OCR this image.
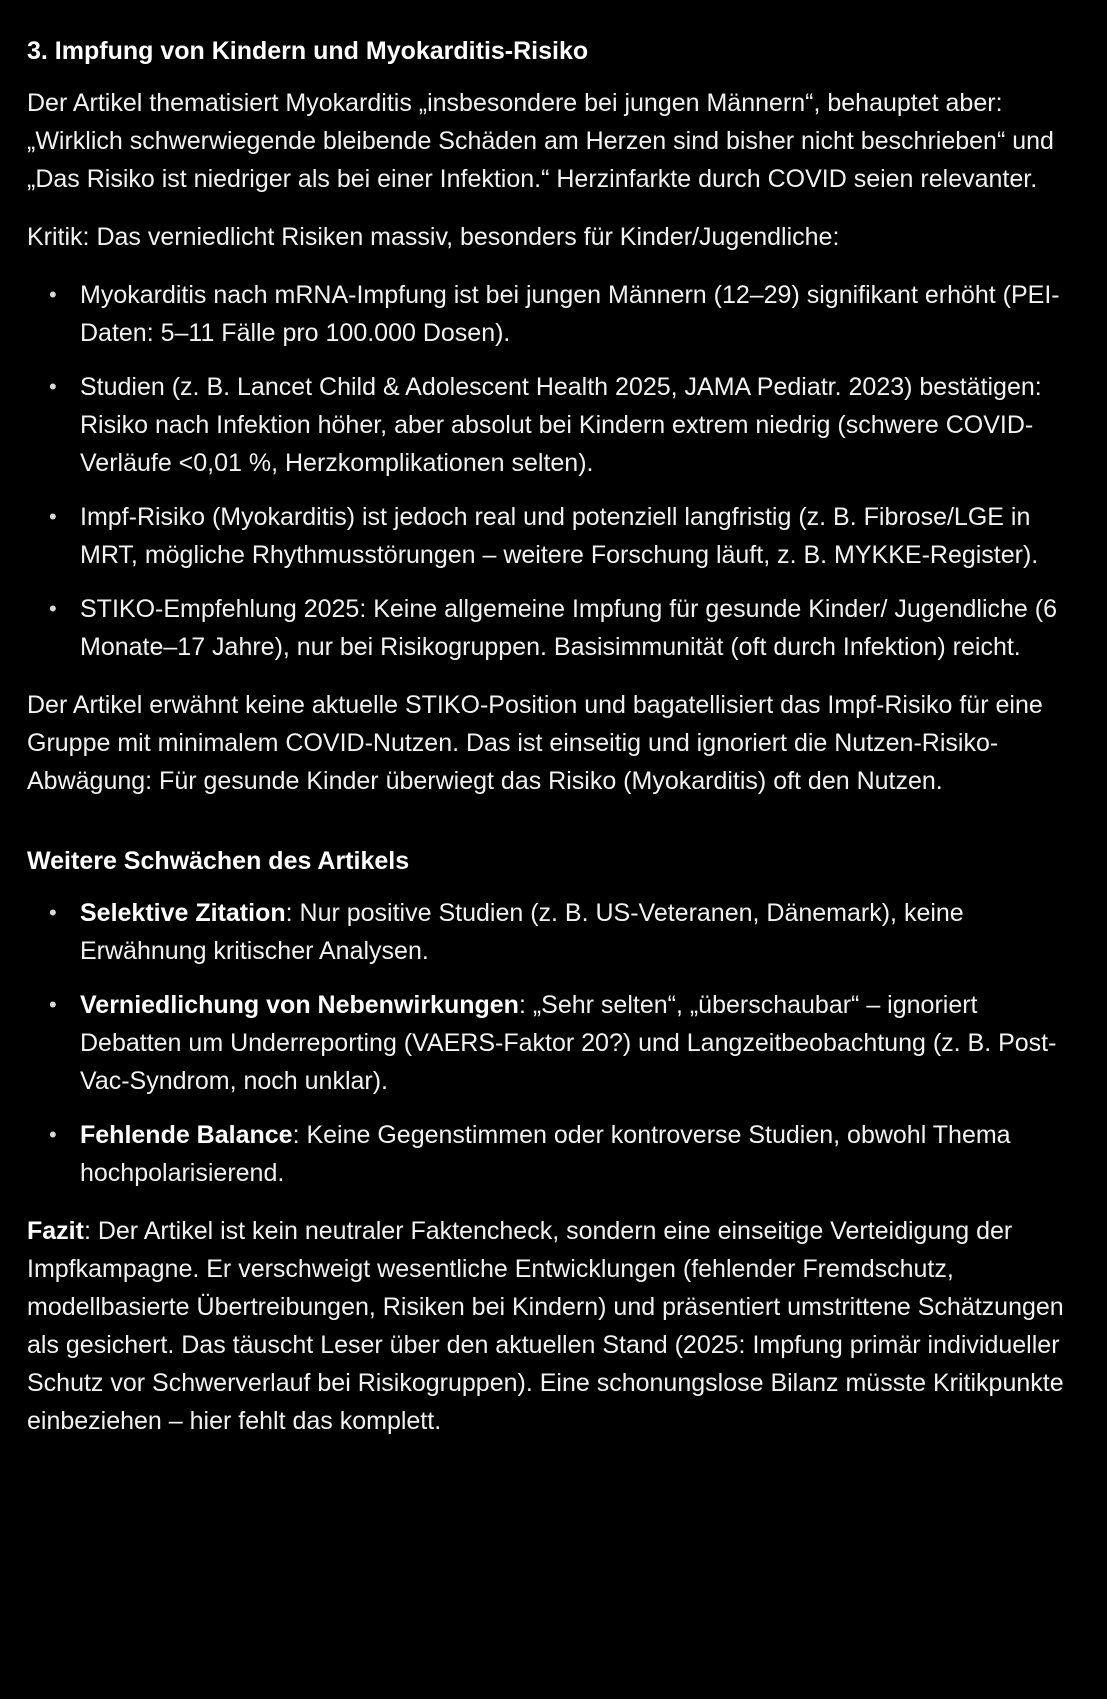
3. Impfung von Kindern und Myokarditis-Risiko

Der Artikel thematisiert Myokarditis „insbesondere bei jungen Männern“, behauptet aber: „Wirklich schwerwiegende bleibende Schäden am Herzen sind bisher nicht beschrieben“ und „Das Risiko ist niedriger als bei einer Infektion.“ Herzinfarkte durch COVID seien relevanter.

Kritik: Das verniedlicht Risiken massiv, besonders für Kinder/Jugendliche:

• Myokarditis nach mRNA-Impfung ist bei jungen Männern (12–29) signifikant erhöht (PEI-Daten: 5–11 Fälle pro 100.000 Dosen).
• Studien (z. B. Lancet Child & Adolescent Health 2025, JAMA Pediatr. 2023) bestätigen: Risiko nach Infektion höher, aber absolut bei Kindern extrem niedrig (schwere COVID-Verläufe <0,01 %, Herzkomplikationen selten).
• Impf-Risiko (Myokarditis) ist jedoch real und potenziell langfristig (z. B. Fibrose/LGE in MRT, mögliche Rhythmusstörungen – weitere Forschung läuft, z. B. MYKKE-Register).
• STIKO-Empfehlung 2025: Keine allgemeine Impfung für gesunde Kinder/ Jugendliche (6 Monate–17 Jahre), nur bei Risikogruppen. Basisimmunität (oft durch Infektion) reicht.

Der Artikel erwähnt keine aktuelle STIKO-Position und bagatellisiert das Impf-Risiko für eine Gruppe mit minimalem COVID-Nutzen. Das ist einseitig und ignoriert die Nutzen-Risiko-Abwägung: Für gesunde Kinder überwiegt das Risiko (Myokarditis) oft den Nutzen.

Weitere Schwächen des Artikels
• Selektive Zitation: Nur positive Studien (z. B. US-Veteranen, Dänemark), keine Erwähnung kritischer Analysen.
• Verniedlichung von Nebenwirkungen: „Sehr selten“, „überschaubar“ – ignoriert Debatten um Underreporting (VAERS-Faktor 20?) und Langzeitbeobachtung (z. B. Post-Vac-Syndrom, noch unklar).
• Fehlende Balance: Keine Gegenstimmen oder kontroverse Studien, obwohl Thema hochpolarisierend.

Fazit: Der Artikel ist kein neutraler Faktencheck, sondern eine einseitige Verteidigung der Impfkampagne. Er verschweigt wesentliche Entwicklungen (fehlender Fremdschutz, modellbasierte Übertreibungen, Risiken bei Kindern) und präsentiert umstrittene Schätzungen als gesichert. Das täuscht Leser über den aktuellen Stand (2025: Impfung primär individueller Schutz vor Schwerverlauf bei Risikogruppen). Eine schonungslose Bilanz müsste Kritikpunkte einbeziehen – hier fehlt das komplett.
